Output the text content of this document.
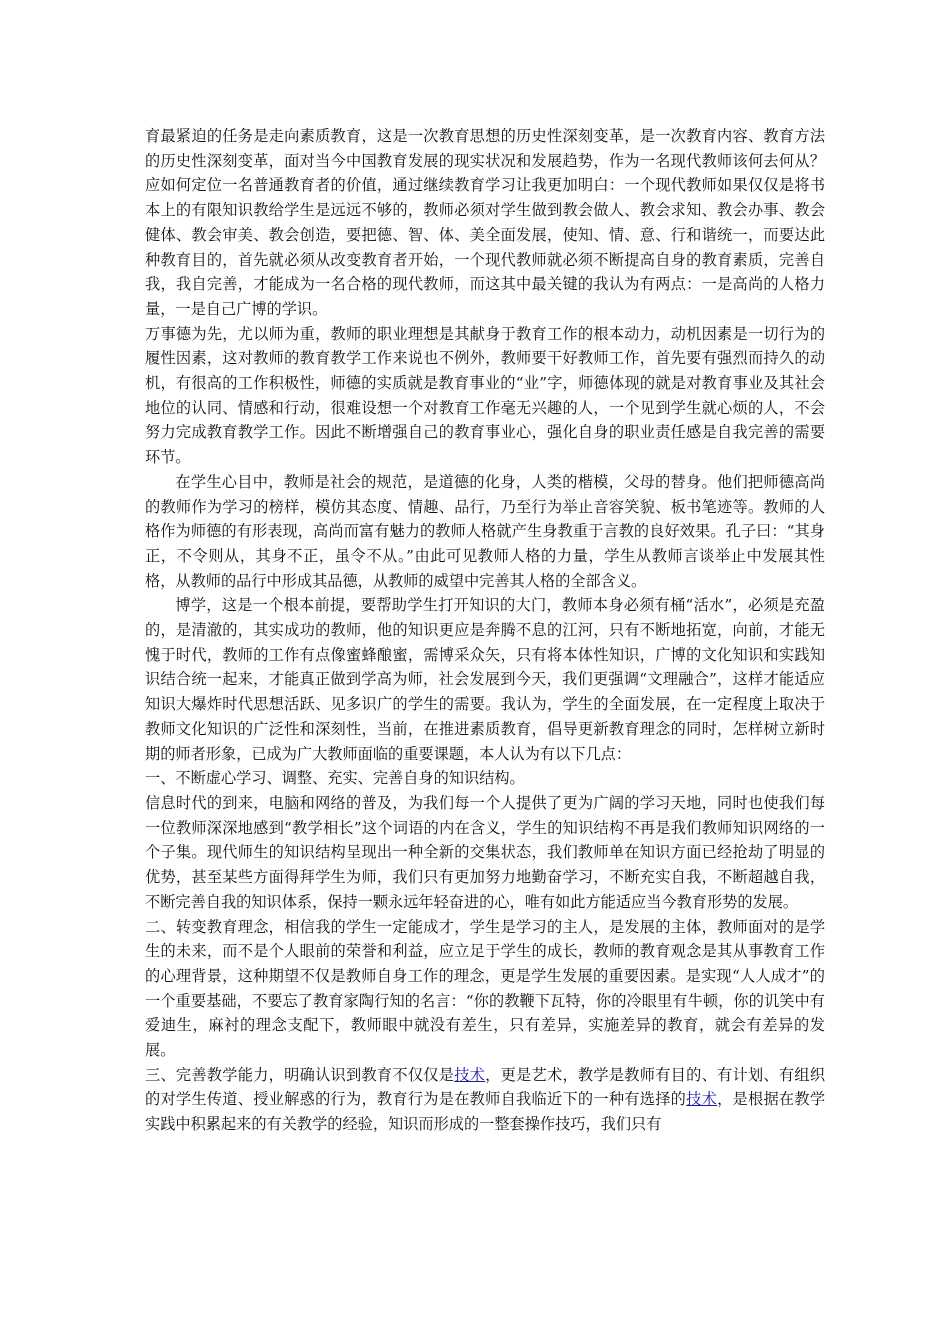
育最紧迫的任务是走向素质教育，这是一次教育思想的历史性深刻变革，是一次教育内容、教育方法的历史性深刻变革，面对当今中国教育发展的现实状况和发展趋势，作为一名现代教师该何去何从？应如何定位一名普通教育者的价值，通过继续教育学习让我更加明白：一个现代教师如果仅仅是将书本上的有限知识教给学生是远远不够的，教师必须对学生做到教会做人、教会求知、教会办事、教会健体、教会审美、教会创造，要把德、智、体、美全面发展，使知、情、意、行和谐统一，而要达此种教育目的，首先就必须从改变教育者开始，一个现代教师就必须不断提高自身的教育素质，完善自我，我自完善，才能成为一名合格的现代教师，而这其中最关键的我认为有两点：一是高尚的人格力量，一是自己广博的学识。

万事德为先，尤以师为重，教师的职业理想是其献身于教育工作的根本动力，动机因素是一切行为的履性因素，这对教师的教育教学工作来说也不例外，教师要干好教师工作，首先要有强烈而持久的动机，有很高的工作积极性，师德的实质就是教育事业的“业”字，师德体现的就是对教育事业及其社会地位的认同、情感和行动，很难设想一个对教育工作毫无兴趣的人，一个见到学生就心烦的人，不会努力完成教育教学工作。因此不断增强自己的教育事业心，强化自身的职业责任感是自我完善的需要环节。

在学生心目中，教师是社会的规范，是道德的化身，人类的楷模，父母的替身。他们把师德高尚的教师作为学习的榜样，模仿其态度、情趣、品行，乃至行为举止音容笑貌、板书笔迹等。教师的人格作为师德的有形表现，高尚而富有魅力的教师人格就产生身教重于言教的良好效果。孔子曰：“其身正，不令则从，其身不正，虽令不从。”由此可见教师人格的力量，学生从教师言谈举止中发展其性格，从教师的品行中形成其品德，从教师的威望中完善其人格的全部含义。

博学，这是一个根本前提，要帮助学生打开知识的大门，教师本身必须有桶“活水”，必须是充盈的，是清澈的，其实成功的教师，他的知识更应是奔腾不息的江河，只有不断地拓宽，向前，才能无愧于时代，教师的工作有点像蜜蜂酿蜜，需博采众矢，只有将本体性知识，广博的文化知识和实践知识结合统一起来，才能真正做到学高为师，社会发展到今天，我们更强调“文理融合”，这样才能适应知识大爆炸时代思想活跃、见多识广的学生的需要。我认为，学生的全面发展，在一定程度上取决于教师文化知识的广泛性和深刻性，当前，在推进素质教育，倡导更新教育理念的同时，怎样树立新时期的师者形象，已成为广大教师面临的重要课题，本人认为有以下几点：

一、不断虚心学习、调整、充实、完善自身的知识结构。

信息时代的到来，电脑和网络的普及，为我们每一个人提供了更为广阔的学习天地，同时也使我们每一位教师深深地感到“教学相长”这个词语的内在含义，学生的知识结构不再是我们教师知识网络的一个子集。现代师生的知识结构呈现出一种全新的交集状态，我们教师单在知识方面已经抢劫了明显的优势，甚至某些方面得拜学生为师，我们只有更加努力地勤奋学习，不断充实自我，不断超越自我，不断完善自我的知识体系，保持一颗永远年轻奋进的心，唯有如此方能适应当今教育形势的发展。

二、转变教育理念，相信我的学生一定能成才，学生是学习的主人，是发展的主体，教师面对的是学生的未来，而不是个人眼前的荣誉和利益，应立足于学生的成长，教师的教育观念是其从事教育工作的心理背景，这种期望不仅是教师自身工作的理念，更是学生发展的重要因素。是实现“人人成才”的一个重要基础，不要忘了教育家陶行知的名言：“你的教鞭下瓦特，你的冷眼里有牛顿，你的讥笑中有爱迪生，麻衬的理念支配下，教师眼中就没有差生，只有差异，实施差异的教育，就会有差异的发展。

三、完善教学能力，明确认识到教育不仅仅是技术，更是艺术，教学是教师有目的、有计划、有组织的对学生传道、授业解惑的行为，教育行为是在教师自我临近下的一种有选择的技术，是根据在教学实践中积累起来的有关教学的经验，知识而形成的一整套操作技巧，我们只有
